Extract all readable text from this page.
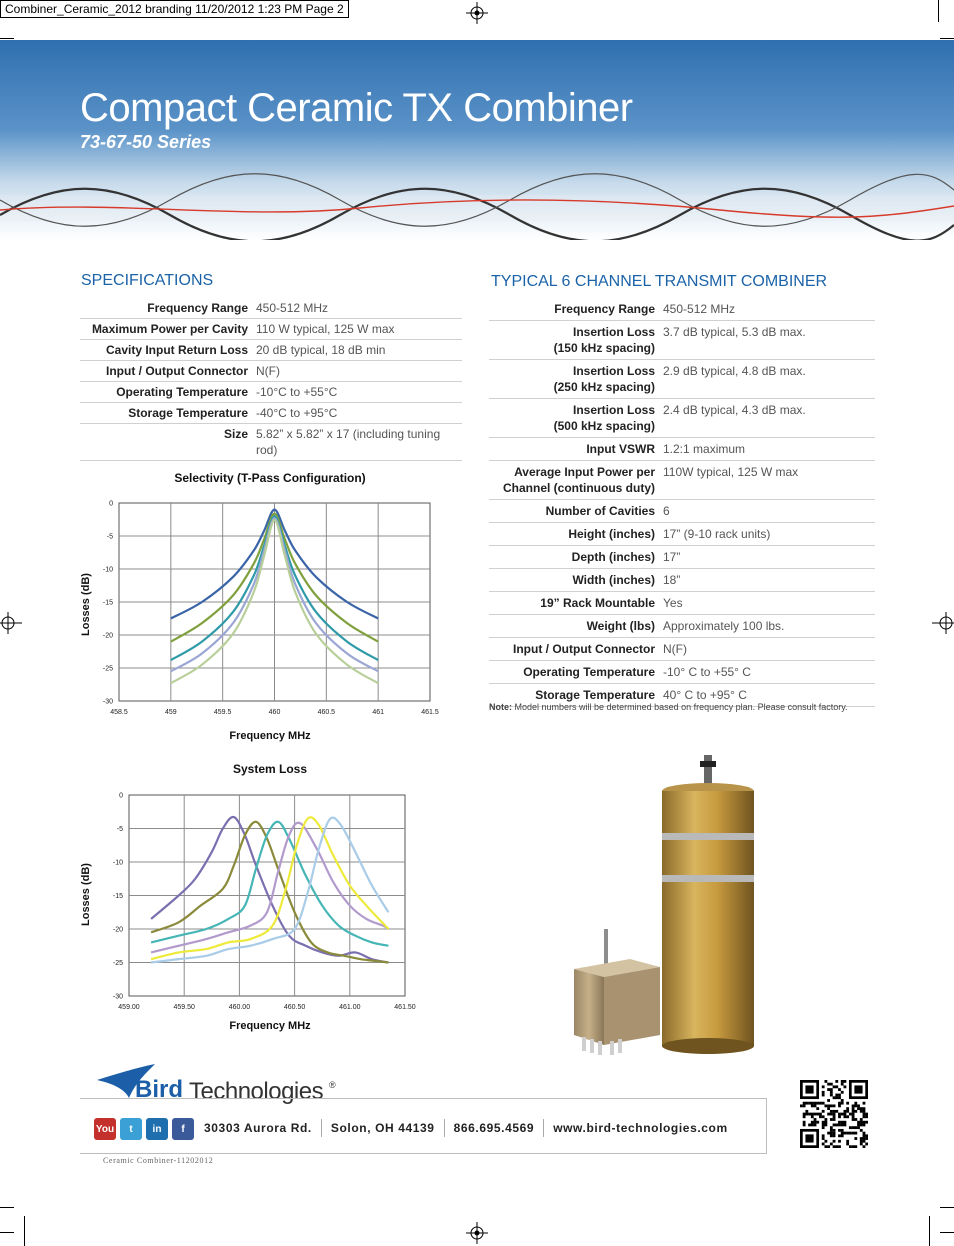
Combiner_Ceramic_2012 branding 11/20/2012 1:23 PM Page 2
Compact Ceramic TX Combiner
73-67-50 Series
SPECIFICATIONS
Frequency Range	450-512 MHz
Maximum Power per Cavity	110 W typical, 125 W max
Cavity Input Return Loss	20 dB typical, 18 dB min
Input / Output Connector	N(F)
Operating Temperature	-10°C to +55°C
Storage Temperature	-40°C to +95°C
Size	5.82” x 5.82” x 17 (including tuning rod)
TYPICAL 6 CHANNEL TRANSMIT COMBINER
Frequency Range	450-512 MHz
Insertion Loss
(150 kHz spacing)	3.7 dB typical, 5.3 dB max.
Insertion Loss
(250 kHz spacing)	2.9 dB typical, 4.8 dB max.
Insertion Loss
(500 kHz spacing)	2.4 dB typical, 4.3 dB max.
Input VSWR	1.2:1 maximum
Average Input Power per
Channel (continuous duty)	110W typical, 125 W max
Number of Cavities	6
Height (inches)	17” (9-10 rack units)
Depth (inches)	17”
Width (inches)	18”
19” Rack Mountable	Yes
Weight (lbs)	Approximately 100 lbs.
Input / Output Connector	N(F)
Operating Temperature	-10° C to +55° C
Storage Temperature	40° C to +95° C
Note: Model numbers will be determined based on frequency plan. Please consult factory.
Selectivity (T-Pass Configuration)
458.5	459	459.5	460	460.5	461	461.5
0
-5
-10
-15
-20
-25
-30
Losses (dB)
Frequency MHz
System Loss
459.00	459.50	460.00	460.50	461.00	461.50
0
-5
-10
-15
-20
-25
-30
Losses (dB)
Frequency MHz
Bird Technologies ®
You	t	in	f	30303 Aurora Rd. Solon, OH 44139 866.695.4569 www.bird-technologies.com
Ceramic Combiner-11202012
